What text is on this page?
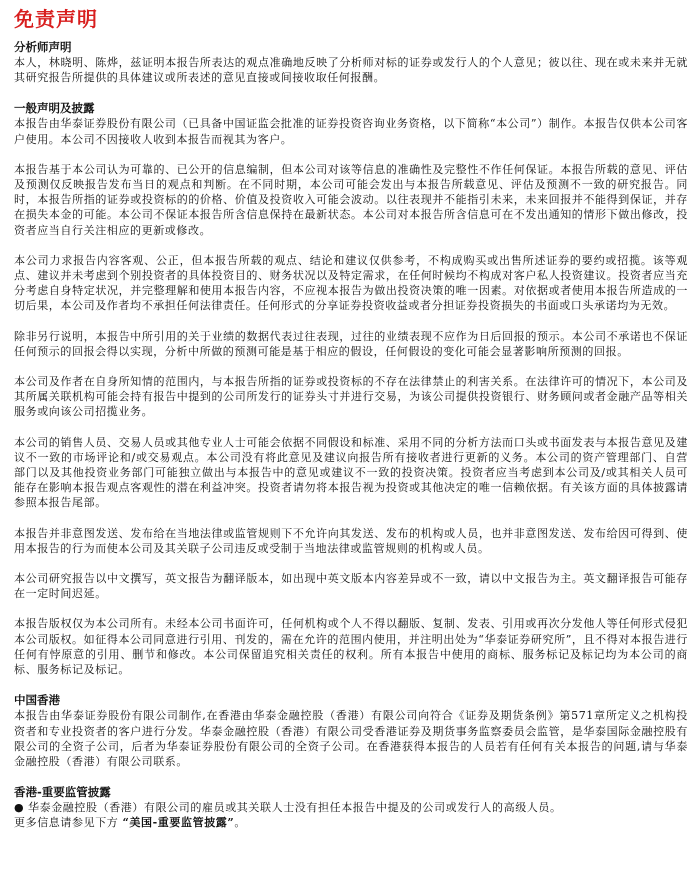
免责声明
分析师声明

本人，林晓明、陈烨，兹证明本报告所表达的观点准确地反映了分析师对标的证券或发行人的个人意见；彼以往、现在或未来并无就其研究报告所提供的具体建议或所表述的意见直接或间接收取任何报酬。

一般声明及披露

本报告由华泰证券股份有限公司（已具备中国证监会批准的证券投资咨询业务资格，以下简称“本公司”）制作。本报告仅供本公司客户使用。本公司不因接收人收到本报告而视其为客户。

本报告基于本公司认为可靠的、已公开的信息编制，但本公司对该等信息的准确性及完整性不作任何保证。本报告所载的意见、评估及预测仅反映报告发布当日的观点和判断。在不同时期，本公司可能会发出与本报告所载意见、评估及预测不一致的研究报告。同时，本报告所指的证券或投资标的的价格、价值及投资收入可能会波动。以往表现并不能指引未来，未来回报并不能得到保证，并存在损失本金的可能。本公司不保证本报告所含信息保持在最新状态。本公司对本报告所含信息可在不发出通知的情形下做出修改，投资者应当自行关注相应的更新或修改。

本公司力求报告内容客观、公正，但本报告所载的观点、结论和建议仅供参考，不构成购买或出售所述证券的要约或招揽。该等观点、建议并未考虑到个别投资者的具体投资目的、财务状况以及特定需求，在任何时候均不构成对客户私人投资建议。投资者应当充分考虑自身特定状况，并完整理解和使用本报告内容，不应视本报告为做出投资决策的唯一因素。对依据或者使用本报告所造成的一切后果，本公司及作者均不承担任何法律责任。任何形式的分享证券投资收益或者分担证券投资损失的书面或口头承诺均为无效。

除非另行说明，本报告中所引用的关于业绩的数据代表过往表现，过往的业绩表现不应作为日后回报的预示。本公司不承诺也不保证任何预示的回报会得以实现，分析中所做的预测可能是基于相应的假设，任何假设的变化可能会显著影响所预测的回报。

本公司及作者在自身所知情的范围内，与本报告所指的证券或投资标的不存在法律禁止的利害关系。在法律许可的情况下，本公司及其所属关联机构可能会持有报告中提到的公司所发行的证券头寸并进行交易，为该公司提供投资银行、财务顾问或者金融产品等相关服务或向该公司招揽业务。

本公司的销售人员、交易人员或其他专业人士可能会依据不同假设和标准、采用不同的分析方法而口头或书面发表与本报告意见及建议不一致的市场评论和/或交易观点。本公司没有将此意见及建议向报告所有接收者进行更新的义务。本公司的资产管理部门、自营部门以及其他投资业务部门可能独立做出与本报告中的意见或建议不一致的投资决策。投资者应当考虑到本公司及/或其相关人员可能存在影响本报告观点客观性的潜在利益冲突。投资者请勿将本报告视为投资或其他决定的唯一信赖依据。有关该方面的具体披露请参照本报告尾部。

本报告并非意图发送、发布给在当地法律或监管规则下不允许向其发送、发布的机构或人员，也并非意图发送、发布给因可得到、使用本报告的行为而使本公司及其关联子公司违反或受制于当地法律或监管规则的机构或人员。

本公司研究报告以中文撰写，英文报告为翻译版本，如出现中英文版本内容差异或不一致，请以中文报告为主。英文翻译报告可能存在一定时间迟延。

本报告版权仅为本公司所有。未经本公司书面许可，任何机构或个人不得以翻版、复制、发表、引用或再次分发他人等任何形式侵犯本公司版权。如征得本公司同意进行引用、刊发的，需在允许的范围内使用，并注明出处为“华泰证券研究所”，且不得对本报告进行任何有悖原意的引用、删节和修改。本公司保留追究相关责任的权利。所有本报告中使用的商标、服务标记及标记均为本公司的商标、服务标记及标记。

中国香港

本报告由华泰证券股份有限公司制作,在香港由华泰金融控股（香港）有限公司向符合《证券及期货条例》第571章所定义之机构投资者和专业投资者的客户进行分发。华泰金融控股（香港）有限公司受香港证券及期货事务监察委员会监管，是华泰国际金融控股有限公司的全资子公司，后者为华泰证券股份有限公司的全资子公司。在香港获得本报告的人员若有任何有关本报告的问题,请与华泰金融控股（香港）有限公司联系。

香港-重要监管披露
● 华泰金融控股（香港）有限公司的雇员或其关联人士没有担任本报告中提及的公司或发行人的高级人员。

更多信息请参见下方 “美国-重要监管披露”。
